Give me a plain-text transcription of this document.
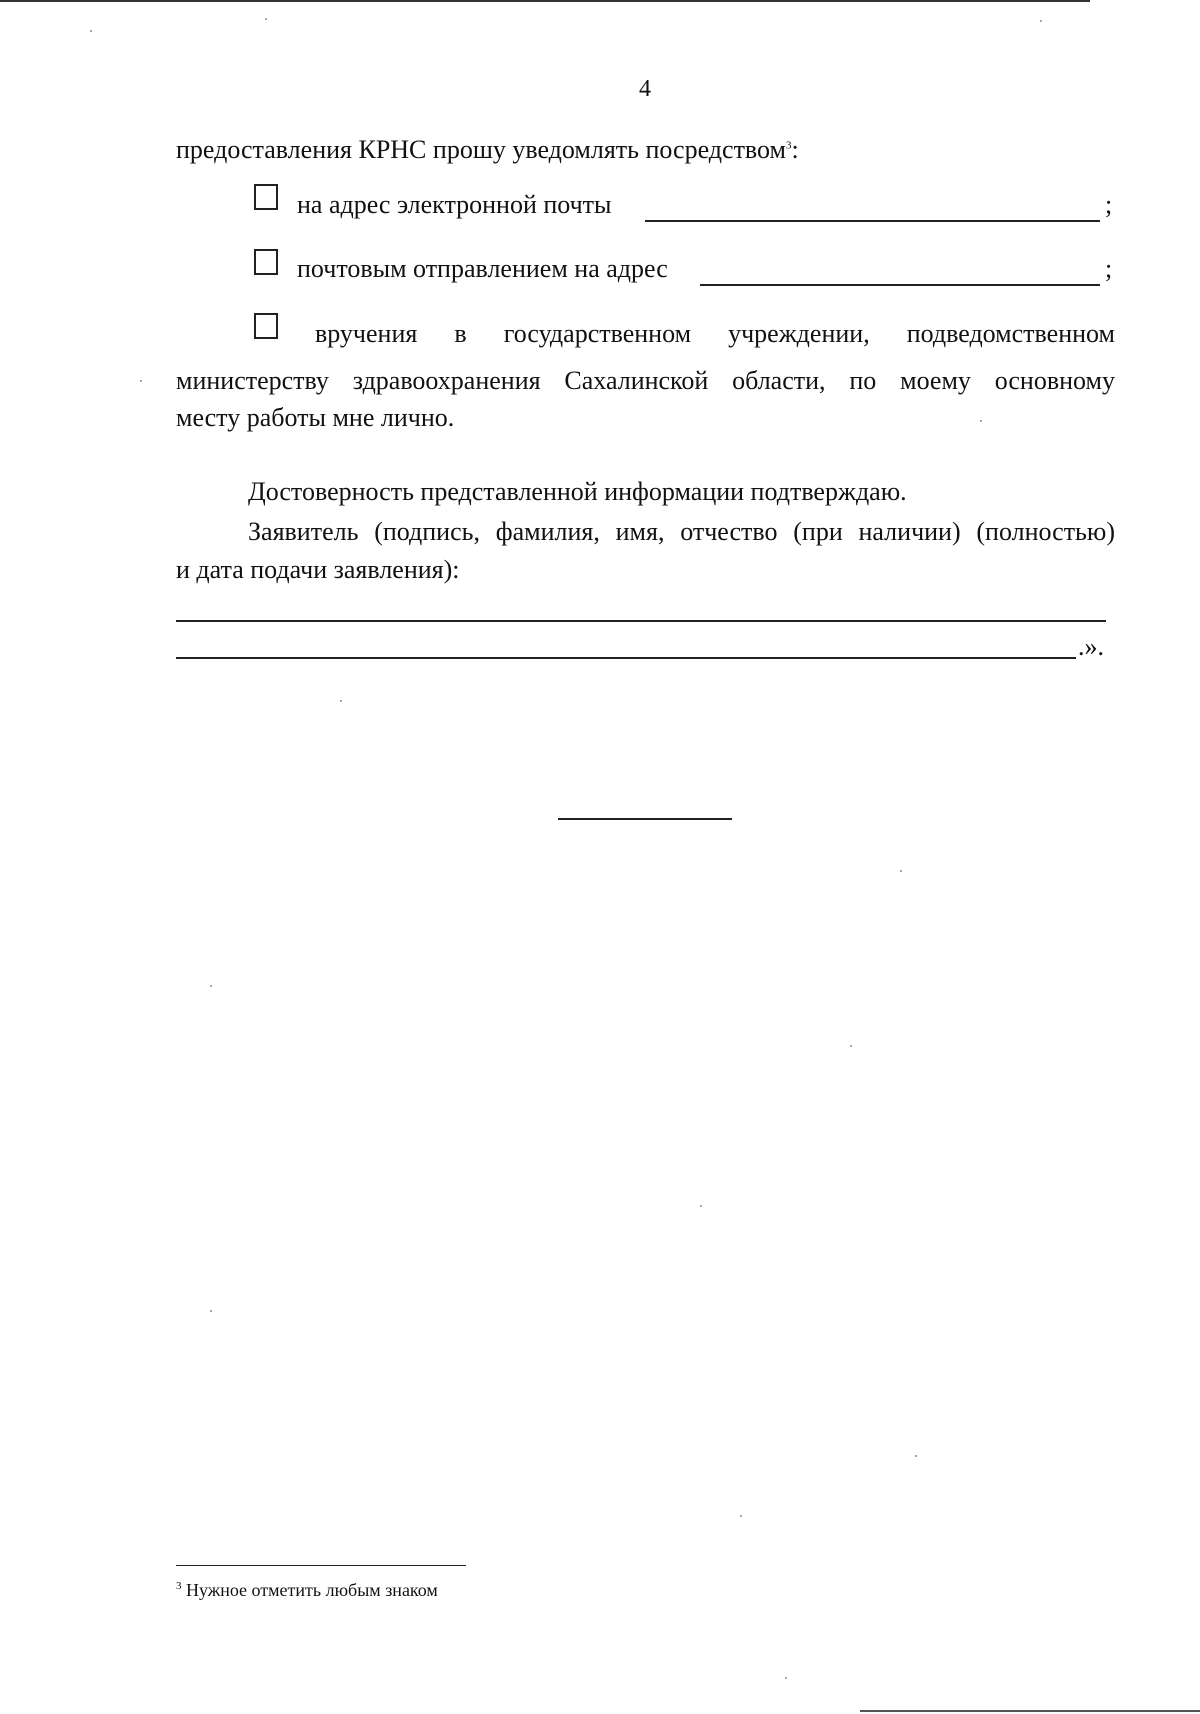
4
предоставления КРНС прошу уведомлять посредством$^3$:
на адрес электронной почты	;
почтовым отправлением на адрес	;
вручения в государственном учреждении, подведомственном
министерству здравоохранения Сахалинской области, по моему основному
месту работы мне лично.
Достоверность представленной информации подтверждаю.
Заявитель (подпись, фамилия, имя, отчество (при наличии) (полностью)
и дата подачи заявления):
.».
$^3$ Нужное отметить любым знаком
